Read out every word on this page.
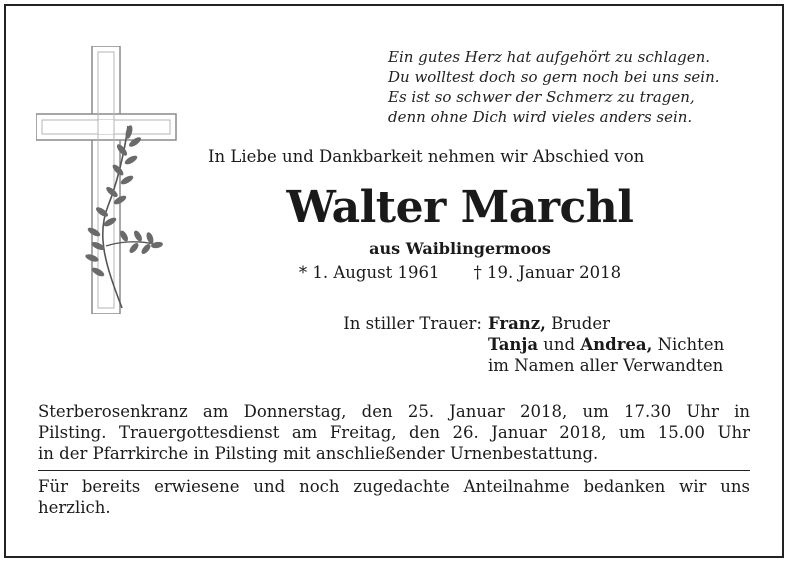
Ein gutes Herz hat aufgehört zu schlagen.
Du wolltest doch so gern noch bei uns sein.
Es ist so schwer der Schmerz zu tragen,
denn ohne Dich wird vieles anders sein.
In Liebe und Dankbarkeit nehmen wir Abschied von
Walter Marchl
aus Waiblingermoos
* 1. August 1961 † 19. Januar 2018
In stiller Trauer: Franz, Bruder
Tanja und Andrea, Nichten
im Namen aller Verwandten
Sterberosenkranz am Donnerstag, den 25. Januar 2018, um 17.30 Uhr in
Pilsting. Trauergottesdienst am Freitag, den 26. Januar 2018, um 15.00 Uhr
in der Pfarrkirche in Pilsting mit anschließender Urnenbestattung.
Für bereits erwiesene und noch zugedachte Anteilnahme bedanken wir uns
herzlich.
